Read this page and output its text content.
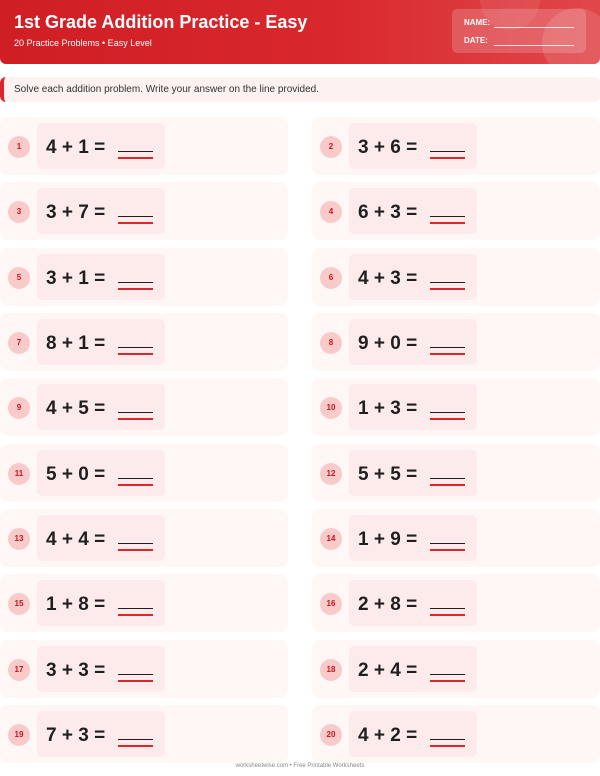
1st Grade Addition Practice - Easy
20 Practice Problems • Easy Level
NAME:
DATE:
Solve each addition problem. Write your answer on the line provided.
1	4 + 1 =	2	3 + 6 =
3	3 + 7 =	4	6 + 3 =
5	3 + 1 =	6	4 + 3 =
7	8 + 1 =	8	9 + 0 =
9	4 + 5 =	10	1 + 3 =
11	5 + 0 =	12	5 + 5 =
13	4 + 4 =	14	1 + 9 =
15	1 + 8 =	16	2 + 8 =
17	3 + 3 =	18	2 + 4 =
19	7 + 3 =	20	4 + 2 =
worksheetwise.com • Free Printable Worksheets
